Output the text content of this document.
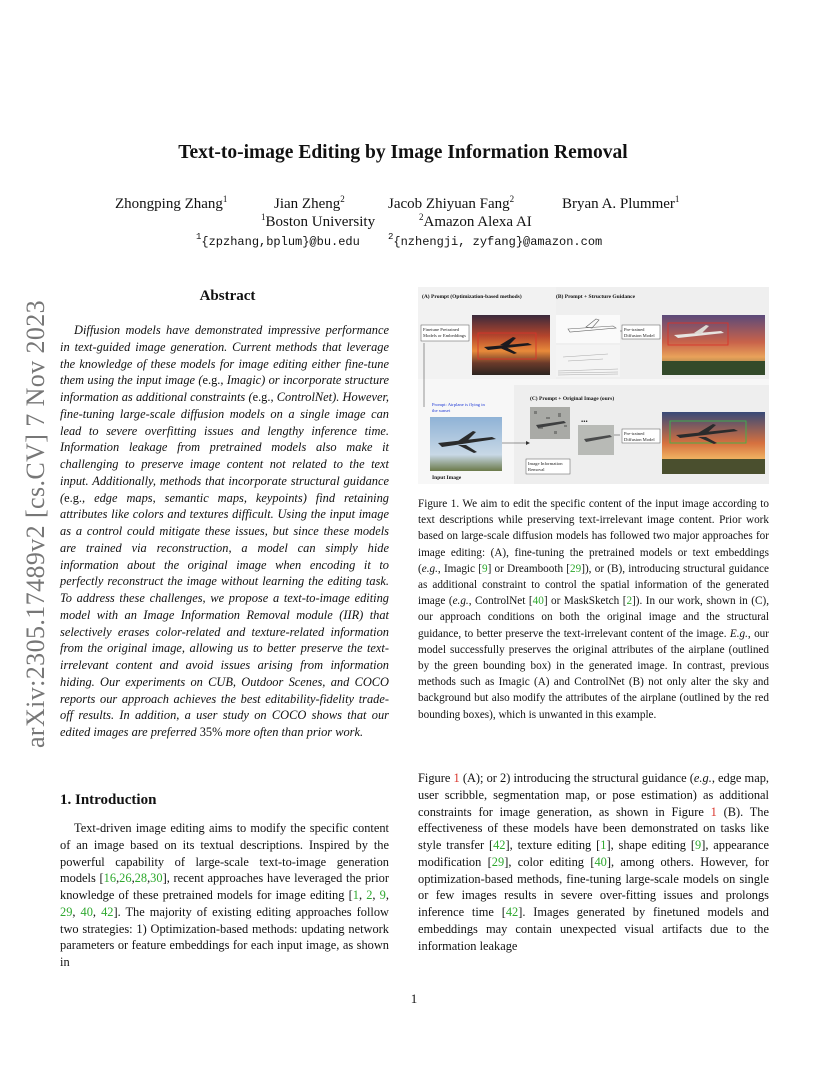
arXiv:2305.17489v2 [cs.CV] 7 Nov 2023
Text-to-image Editing by Image Information Removal
Zhongping Zhang$^1$	Jian Zheng$^2$	Jacob Zhiyuan Fang$^2$	Bryan A. Plummer$^1$
$^1$Boston University	$^2$Amazon Alexa AI
$^1${zpzhang,bplum}@bu.edu	$^2${nzhengji, zyfang}@amazon.com
Abstract
Diffusion models have demonstrated impressive performance in text-guided image generation. Current methods that leverage the knowledge of these models for image editing either fine-tune them using the input image (e.g., Imagic) or incorporate structure information as additional constraints (e.g., ControlNet). However, fine-tuning large-scale diffusion models on a single image can lead to severe overfitting issues and lengthy inference time. Information leakage from pretrained models also make it challenging to preserve image content not related to the text input. Additionally, methods that incorporate structural guidance (e.g., edge maps, semantic maps, keypoints) find retaining attributes like colors and textures difficult. Using the input image as a control could mitigate these issues, but since these models are trained via reconstruction, a model can simply hide information about the original image when encoding it to perfectly reconstruct the image without learning the editing task. To address these challenges, we propose a text-to-image editing model with an Image Information Removal module (IIR) that selectively erases color-related and texture-related information from the original image, allowing us to better preserve the text-irrelevant content and avoid issues arising from information hiding. Our experiments on CUB, Outdoor Scenes, and COCO reports our approach achieves the best editability-fidelity trade-off results. In addition, a user study on COCO shows that our edited images are preferred 35% more often than prior work.
1. Introduction
Text-driven image editing aims to modify the specific content of an image based on its textual descriptions. Inspired by the powerful capability of large-scale text-to-image generation models [16,26,28,30], recent approaches have leveraged the prior knowledge of these pretrained models for image editing [1, 2, 9, 29, 40, 42]. The majority of existing editing approaches follow two strategies: 1) Optimization-based methods: updating network parameters or feature embeddings for each input image, as shown in
(A) Prompt (Optimization-based methods)	(B) Prompt + Structure Guidance
(C) Prompt + Original Image (ours)
Finetune Pretrained
Models or Embeddings
Pre-trained
Diffusion Model
Prompt: Airplane is flying in
the sunset
Input Image
...
Image Information
Removal
Pre-trained
Diffusion Model
Figure 1. We aim to edit the specific content of the input image according to text descriptions while preserving text-irrelevant image content. Prior work based on large-scale diffusion models has followed two major approaches for image editing: (A), fine-tuning the pretrained models or text embeddings (e.g., Imagic [9] or Dreambooth [29]), or (B), introducing structural guidance as additional constraint to control the spatial information of the generated image (e.g., ControlNet [40] or MaskSketch [2]). In our work, shown in (C), our approach conditions on both the original image and the structural guidance, to better preserve the text-irrelevant content of the image. E.g., our model successfully preserves the original attributes of the airplane (outlined by the green bounding box) in the generated image. In contrast, previous methods such as Imagic (A) and ControlNet (B) not only alter the sky and background but also modify the attributes of the airplane (outlined by the red bounding boxes), which is unwanted in this example.
Figure 1 (A); or 2) introducing the structural guidance (e.g., edge map, user scribble, segmentation map, or pose estimation) as additional constraints for image generation, as shown in Figure 1 (B). The effectiveness of these models have been demonstrated on tasks like style transfer [42], texture editing [1], shape editing [9], appearance modification [29], color editing [40], among others. However, for optimization-based methods, fine-tuning large-scale models on single or few images results in severe over-fitting issues and prolongs inference time [42]. Images generated by finetuned models and embeddings may contain unexpected visual artifacts due to the information leakage
1
